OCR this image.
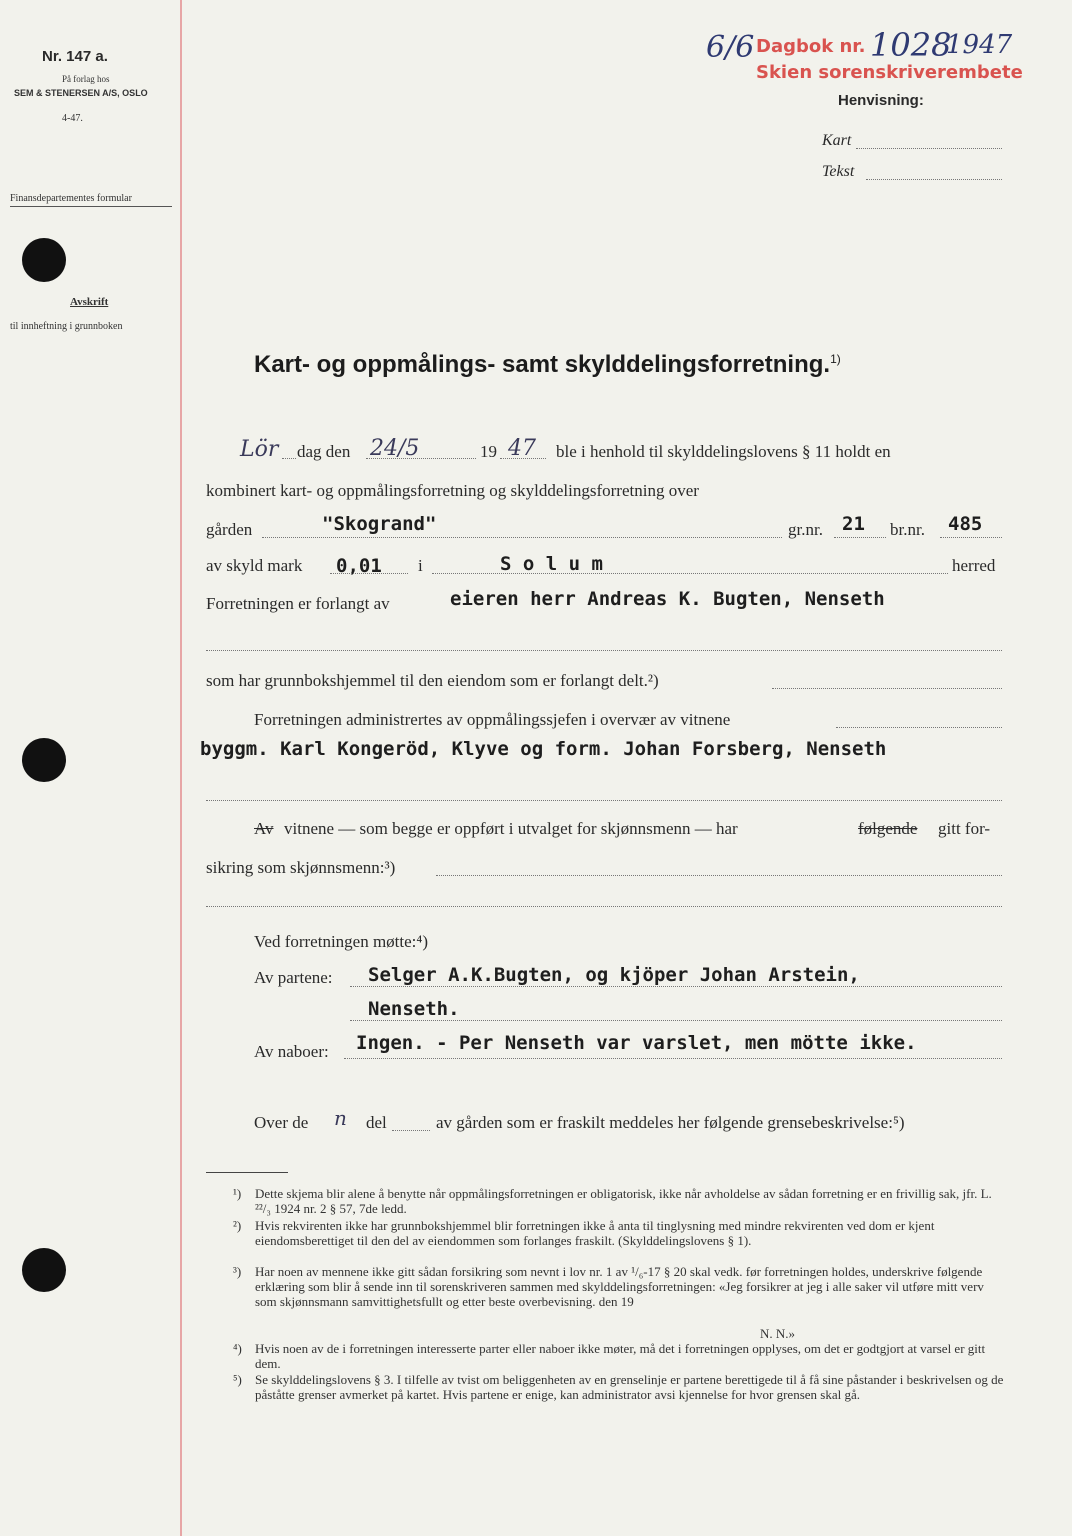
Nr. 147 a.
På forlag hos
SEM & STENERSEN A/S, OSLO
4-47.
Finansdepartementes formular
Avskrift
til innheftning i grunnboken
6/6 Dagbok nr. 1028
1947
Skien sorenskriverembete
Henvisning:
Kart
Tekst
Kart- og oppmålings- samt skylddelingsforretning.$^{1)}$
Lör dag den 24/5	19 47 ble i henhold til skylddelingslovens § 11 holdt en
kombinert kart- og oppmålingsforretning og skylddelingsforretning over
gården	"Skogrand"	gr.nr. 21 br.nr. 485
av skyld mark 0,01 i	S o l u m	herred
Forretningen er forlangt av	eieren herr Andreas K. Bugten, Nenseth
som har grunnbokshjemmel til den eiendom som er forlangt delt.²)
Forretningen administrertes av oppmålingssjefen i overvær av vitnene
byggm. Karl Kongeröd, Klyve og form. Johan Forsberg, Nenseth
Av vitnene — som begge er oppført i utvalget for skjønnsmenn — har	følgende gitt for-
sikring som skjønnsmenn:³)
Ved forretningen møtte:⁴)
Av partene: Selger A.K.Bugten, og kjöper Johan Arstein,
Nenseth.
Av naboer: Ingen. - Per Nenseth var varslet, men mötte ikke.
Over de n del	av gården som er fraskilt meddeles her følgende grensebeskrivelse:⁵)
¹) Dette skjema blir alene å benytte når oppmålingsforretningen er obligatorisk, ikke når avholdelse av sådan forretning er en frivillig sak, jfr. L. ²²/₃ 1924 nr. 2 § 57, 7de ledd.
²) Hvis rekvirenten ikke har grunnbokshjemmel blir forretningen ikke å anta til tinglysning med mindre rekvirenten ved dom er kjent eiendomsberettiget til den del av eiendommen som forlanges fraskilt. (Skylddelingslovens § 1).
³) Har noen av mennene ikke gitt sådan forsikring som nevnt i lov nr. 1 av ¹/₆-17 § 20 skal vedk. før forretningen holdes, underskrive følgende erklæring som blir å sende inn til sorenskriveren sammen med skylddelingsforretningen: «Jeg forsikrer at jeg i alle saker vil utføre mitt verv som skjønnsmann samvittighetsfullt og etter beste overbevisning. den 19
N. N.»
⁴) Hvis noen av de i forretningen interesserte parter eller naboer ikke møter, må det i forretningen opplyses, om det er godtgjort at varsel er gitt dem.
⁵) Se skylddelingslovens § 3. I tilfelle av tvist om beliggenheten av en grenselinje er partene berettigede til å få sine påstander i beskrivelsen og de påståtte grenser avmerket på kartet. Hvis partene er enige, kan administrator avsi kjennelse for hvor grensen skal gå.
